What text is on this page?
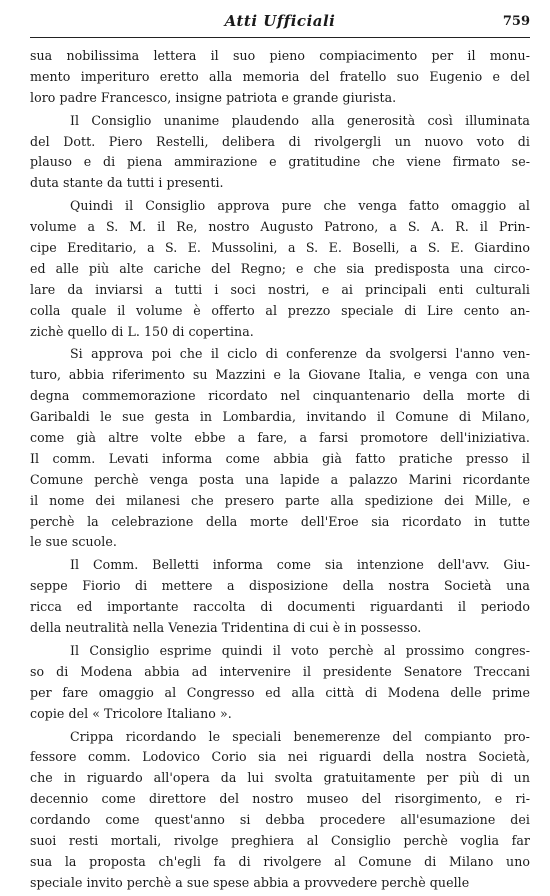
Atti Ufficiali	759
sua nobilissima lettera il suo pieno compiacimento per il monu-
mento imperituro eretto alla memoria del fratello suo Eugenio e del
loro padre Francesco, insigne patriota e grande giurista.
Il Consiglio unanime plaudendo alla generosità così illuminata
del Dott. Piero Restelli, delibera di rivolgergli un nuovo voto di
plauso e di piena ammirazione e gratitudine che viene firmato se-
duta stante da tutti i presenti.
Quindi il Consiglio approva pure che venga fatto omaggio al
volume a S. M. il Re, nostro Augusto Patrono, a S. A. R. il Prin-
cipe Ereditario, a S. E. Mussolini, a S. E. Boselli, a S. E. Giardino
ed alle più alte cariche del Regno; e che sia predisposta una circo-
lare da inviarsi a tutti i soci nostri, e ai principali enti culturali
colla quale il volume è offerto al prezzo speciale di Lire cento an-
zichè quello di L. 150 di copertina.
Si approva poi che il ciclo di conferenze da svolgersi l'anno ven-
turo, abbia riferimento su Mazzini e la Giovane Italia, e venga con una
degna commemorazione ricordato nel cinquantenario della morte di
Garibaldi le sue gesta in Lombardia, invitando il Comune di Milano,
come già altre volte ebbe a fare, a farsi promotore dell'iniziativa.
Il comm. Levati informa come abbia già fatto pratiche presso il
Comune perchè venga posta una lapide a palazzo Marini ricordante
il nome dei milanesi che presero parte alla spedizione dei Mille, e
perchè la celebrazione della morte dell'Eroe sia ricordato in tutte
le sue scuole.
Il Comm. Belletti informa come sia intenzione dell'avv. Giu-
seppe Fiorio di mettere a disposizione della nostra Società una
ricca ed importante raccolta di documenti riguardanti il periodo
della neutralità nella Venezia Tridentina di cui è in possesso.
Il Consiglio esprime quindi il voto perchè al prossimo congres-
so di Modena abbia ad intervenire il presidente Senatore Treccani
per fare omaggio al Congresso ed alla città di Modena delle prime
copie del « Tricolore Italiano ».
Crippa ricordando le speciali benemerenze del compianto pro-
fessore comm. Lodovico Corio sia nei riguardi della nostra Società,
che in riguardo all'opera da lui svolta gratuitamente per più di un
decennio come direttore del nostro museo del risorgimento, e ri-
cordando come quest'anno si debba procedere all'esumazione dei
suoi resti mortali, rivolge preghiera al Consiglio perchè voglia far
sua la proposta ch'egli fa di rivolgere al Comune di Milano uno
speciale invito perchè a sue spese abbia a provvedere perchè quelle
